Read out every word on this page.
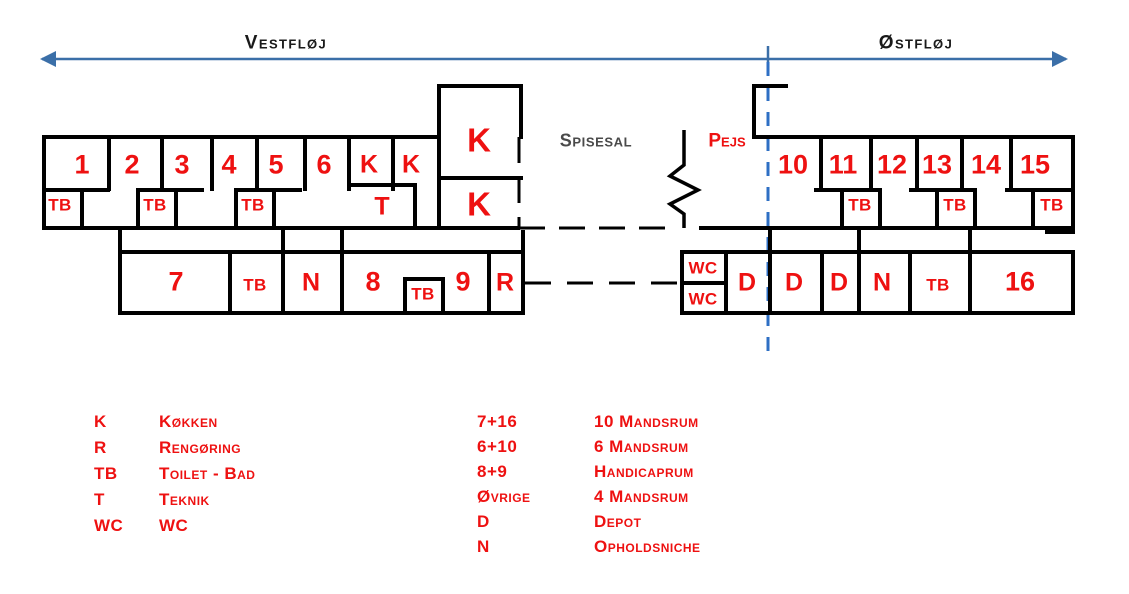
Vestfløj	Østfløj
1 2 3 4 5 6 K K
T
K
K
Spisesal	Pejs
10 11 12 13 14 15
TB	TB	TB	TB	TB	TB
7	TB N 8 TB 9 R
WC
WC
D D D N TB 16
K	Køkken
R	Rengøring
TB Toilet - Bad
T	Teknik
WC WC
7+16	10 Mandsrum
6+10	6 Mandsrum
8+9	Handicaprum
Øvrige	4 Mandsrum
D	Depot
N	Opholdsniche
